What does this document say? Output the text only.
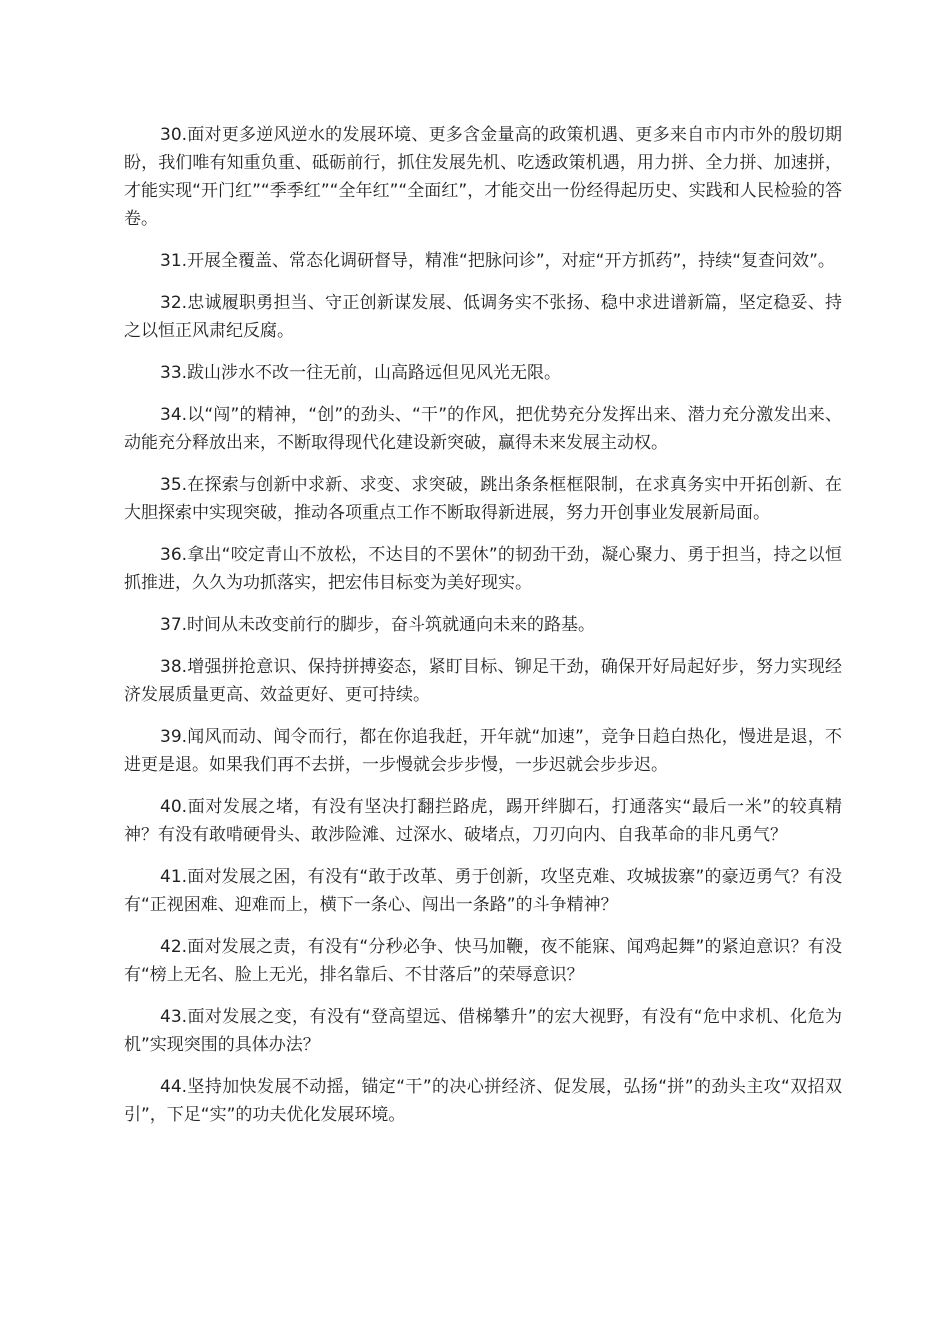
30.面对更多逆风逆水的发展环境、更多含金量高的政策机遇、更多来自市内市外的殷切期盼，我们唯有知重负重、砥砺前行，抓住发展先机、吃透政策机遇，用力拼、全力拼、加速拼，才能实现“开门红”“季季红”“全年红”“全面红”，才能交出一份经得起历史、实践和人民检验的答卷。

31.开展全覆盖、常态化调研督导，精准“把脉问诊”，对症“开方抓药”，持续“复查问效”。

32.忠诚履职勇担当、守正创新谋发展、低调务实不张扬、稳中求进谱新篇，坚定稳妥、持之以恒正风肃纪反腐。

33.跋山涉水不改一往无前，山高路远但见风光无限。

34.以“闯”的精神，“创”的劲头、“干”的作风，把优势充分发挥出来、潜力充分激发出来、动能充分释放出来，不断取得现代化建设新突破，赢得未来发展主动权。

35.在探索与创新中求新、求变、求突破，跳出条条框框限制，在求真务实中开拓创新、在大胆探索中实现突破，推动各项重点工作不断取得新进展，努力开创事业发展新局面。

36.拿出“咬定青山不放松，不达目的不罢休”的韧劲干劲，凝心聚力、勇于担当，持之以恒抓推进，久久为功抓落实，把宏伟目标变为美好现实。

37.时间从未改变前行的脚步，奋斗筑就通向未来的路基。

38.增强拼抢意识、保持拼搏姿态，紧盯目标、铆足干劲，确保开好局起好步，努力实现经济发展质量更高、效益更好、更可持续。

39.闻风而动、闻令而行，都在你追我赶，开年就“加速”，竞争日趋白热化，慢进是退，不进更是退。如果我们再不去拼，一步慢就会步步慢，一步迟就会步步迟。

40.面对发展之堵，有没有坚决打翻拦路虎，踢开绊脚石，打通落实“最后一米”的较真精神？有没有敢啃硬骨头、敢涉险滩、过深水、破堵点，刀刃向内、自我革命的非凡勇气？

41.面对发展之困，有没有“敢于改革、勇于创新，攻坚克难、攻城拔寨”的豪迈勇气？有没有“正视困难、迎难而上，横下一条心、闯出一条路”的斗争精神？

42.面对发展之责，有没有“分秒必争、快马加鞭，夜不能寐、闻鸡起舞”的紧迫意识？有没有“榜上无名、脸上无光，排名靠后、不甘落后”的荣辱意识？

43.面对发展之变，有没有“登高望远、借梯攀升”的宏大视野，有没有“危中求机、化危为机”实现突围的具体办法？

44.坚持加快发展不动摇，锚定“干”的决心拼经济、促发展，弘扬“拼”的劲头主攻“双招双引”，下足“实”的功夫优化发展环境。
